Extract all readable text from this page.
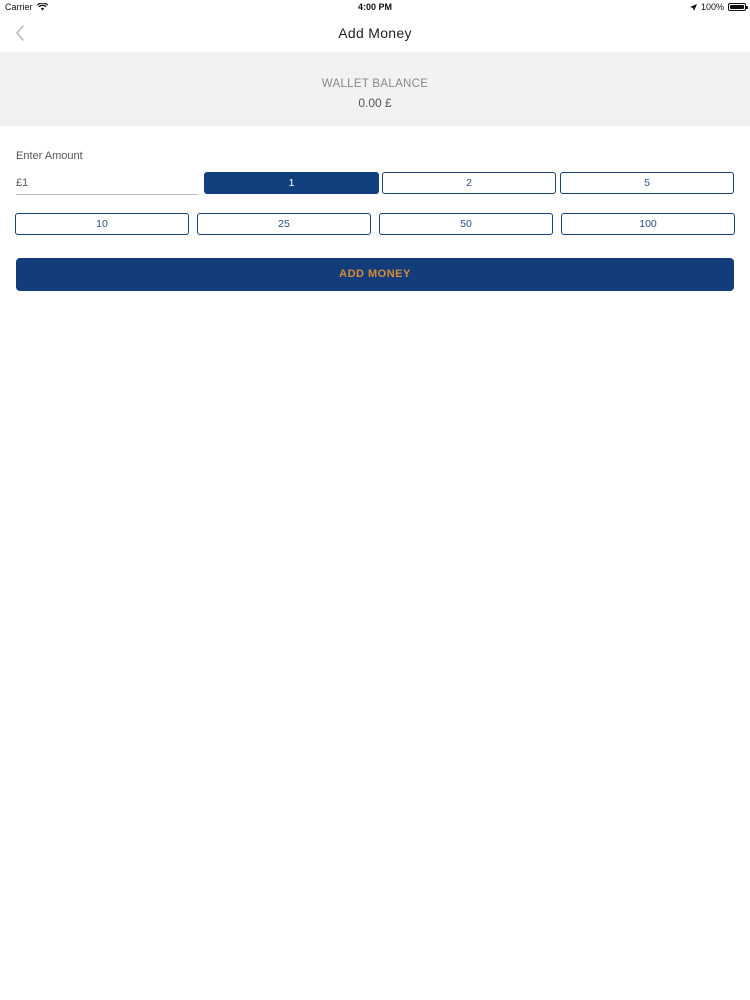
Carrier	4:00 PM	100%
Add Money
WALLET BALANCE
0.00 £
Enter Amount
£1
1	2	5
10	25	50	100
ADD MONEY
